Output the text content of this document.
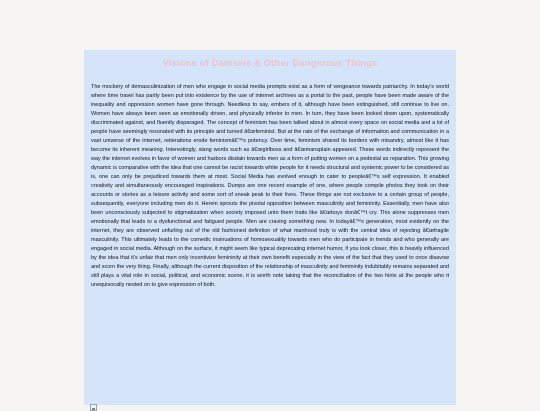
Visions of Damsels & Other Dangerous Things

The mockery of demasculinization of men who engage in social media prompts exist as a form of vengeance towards patriarchy. In today’s world where time travel has partly been put into existence by the use of internet archives as a portal to the past, people have been made aware of the inequality and oppression women have gone through. Needless to say, embers of it, although have been extinguished, still continue to live on. Women have always been seen as emotionally driven, and physically inferior to men. In turn, they have been looked down upon, systematically discriminated against, and fluently disparaged. The concept of feminism has been talked about in almost every space on social media and a lot of people have seemingly resonated with its principle and turned â€œfeminist. But at the rate of the exchange of information and communication in a vast universe of the internet, reiterations erode feminismâ€™s potency. Over time, feminism shared its borders with misandry, almost like it has become its inherent meaning. Interestingly, slang words such as â€œgirlboss and â€œmansplain appeared. These words indirectly represent the way the internet evolves in favor of women and harbors disdain towards men as a form of putting women on a pedestal as reparation. This growing dynamic is comparative with the idea that one cannot be racist towards white people for it needs structural and systemic power to be considered as is, one can only be prejudiced towards them at most. Social Media has evolved enough to cater to peopleâ€™s self expression. It enabled creativity and simultaneously encouraged inspirations. Dumps are one recent example of one, where people compile photos they took on their accounts or stories as a leisure activity and some sort of sneak peak to their lives. These things are not exclusive to a certain group of people, subsequently, everyone including men do it. Herein sprouts the pivotal opposition between masculinity and femininity. Essentially, men have also been unconsciously subjected to stigmatization when society imposed unto them traits like â€œboys donâ€™t cry. This alone suppresses men emotionally that leads to a dysfunctional and fatigued people. Men are craving something new. In todayâ€™s generation, most evidently on the internet, they are observed unfurling out of the old fashioned definition of what manhood truly is with the central idea of rejecting â€œfragile masculinity. This ultimately leads to the comedic insinuations of homosexuality towards men who do participate in trends and who generally are engaged in social media. Although on the surface, it might seem like typical deprecating internet humor, if you look closer, this is heavily influenced by the idea that it’s unfair that men only incentivize femininity at their own benefit especially in the view of the fact that they used to once disavow and scorn the very thing. Finally, although the current disposition of the relationship of masculinity and femininity indubitably remains separated and still plays a vital role in social, political, and economic scene, it is worth note taking that the reconciliation of the two hints at the people who it unequivocally nested on to give expression of both.
